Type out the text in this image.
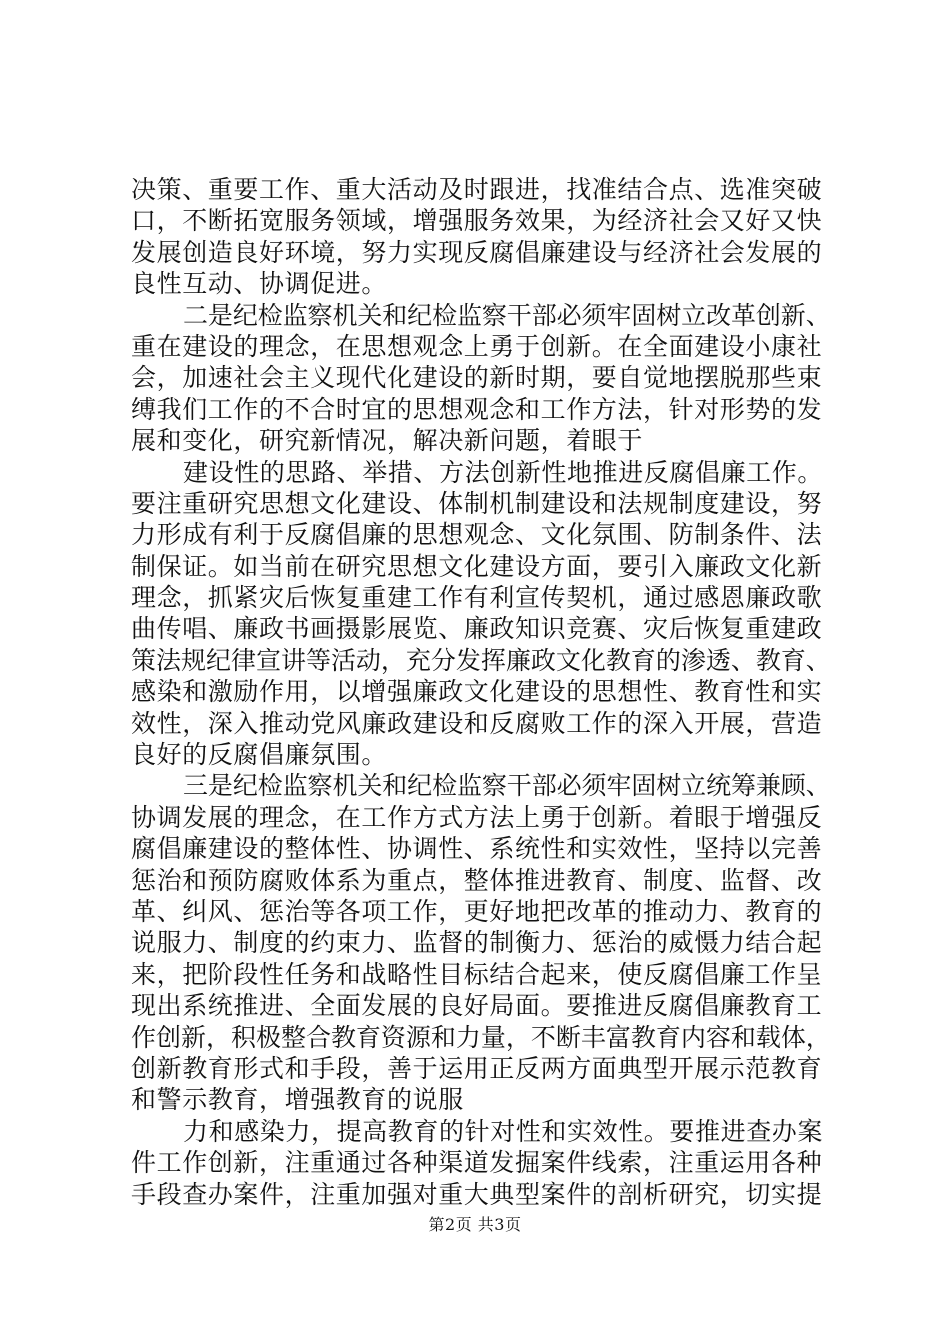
决策、重要工作、重大活动及时跟进，找准结合点、选准突破
口，不断拓宽服务领域，增强服务效果，为经济社会又好又快
发展创造良好环境，努力实现反腐倡廉建设与经济社会发展的
良性互动、协调促进。
二是纪检监察机关和纪检监察干部必须牢固树立改革创新、
重在建设的理念，在思想观念上勇于创新。在全面建设小康社
会，加速社会主义现代化建设的新时期，要自觉地摆脱那些束
缚我们工作的不合时宜的思想观念和工作方法，针对形势的发
展和变化，研究新情况，解决新问题，着眼于
建设性的思路、举措、方法创新性地推进反腐倡廉工作。
要注重研究思想文化建设、体制机制建设和法规制度建设，努
力形成有利于反腐倡廉的思想观念、文化氛围、防制条件、法
制保证。如当前在研究思想文化建设方面，要引入廉政文化新
理念，抓紧灾后恢复重建工作有利宣传契机，通过感恩廉政歌
曲传唱、廉政书画摄影展览、廉政知识竞赛、灾后恢复重建政
策法规纪律宣讲等活动，充分发挥廉政文化教育的渗透、教育、
感染和激励作用，以增强廉政文化建设的思想性、教育性和实
效性，深入推动党风廉政建设和反腐败工作的深入开展，营造
良好的反腐倡廉氛围。
三是纪检监察机关和纪检监察干部必须牢固树立统筹兼顾、
协调发展的理念，在工作方式方法上勇于创新。着眼于增强反
腐倡廉建设的整体性、协调性、系统性和实效性，坚持以完善
惩治和预防腐败体系为重点，整体推进教育、制度、监督、改
革、纠风、惩治等各项工作，更好地把改革的推动力、教育的
说服力、制度的约束力、监督的制衡力、惩治的威慑力结合起
来，把阶段性任务和战略性目标结合起来，使反腐倡廉工作呈
现出系统推进、全面发展的良好局面。要推进反腐倡廉教育工
作创新，积极整合教育资源和力量，不断丰富教育内容和载体，
创新教育形式和手段，善于运用正反两方面典型开展示范教育
和警示教育，增强教育的说服
力和感染力，提高教育的针对性和实效性。要推进查办案
件工作创新，注重通过各种渠道发掘案件线索，注重运用各种
手段查办案件，注重加强对重大典型案件的剖析研究，切实提
第2页 共3页
